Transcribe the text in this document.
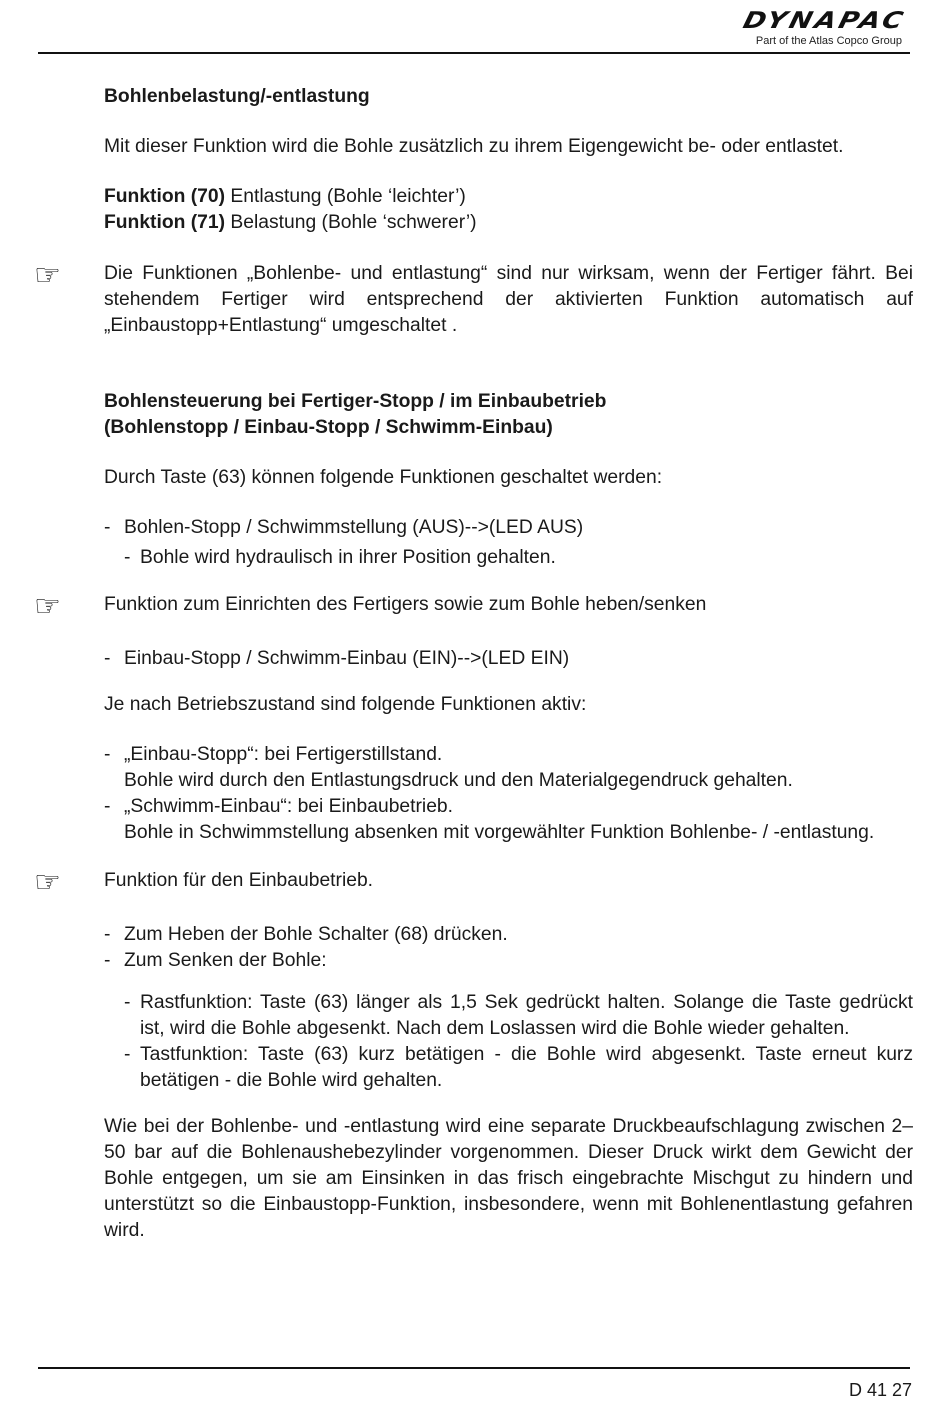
DYNAPAC
Part of the Atlas Copco Group

Bohlenbelastung/-entlastung

Mit dieser Funktion wird die Bohle zusätzlich zu ihrem Eigengewicht be- oder entlastet.

Funktion (70) Entlastung (Bohle ‘leichter’)

Funktion (71) Belastung (Bohle ‘schwerer’)

☞ Die Funktionen „Bohlenbe- und entlastung“ sind nur wirksam, wenn der Fertiger fährt. Bei stehendem Fertiger wird entsprechend der aktivierten Funktion automatisch auf „Einbaustopp+Entlastung“ umgeschaltet .

Bohlensteuerung bei Fertiger-Stopp / im Einbaubetrieb

(Bohlenstopp / Einbau-Stopp / Schwimm-Einbau)

Durch Taste (63) können folgende Funktionen geschaltet werden:

- Bohlen-Stopp / Schwimmstellung (AUS)-->(LED AUS)

- Bohle wird hydraulisch in ihrer Position gehalten.

☞ Funktion zum Einrichten des Fertigers sowie zum Bohle heben/senken

- Einbau-Stopp / Schwimm-Einbau (EIN)-->(LED EIN)

Je nach Betriebszustand sind folgende Funktionen aktiv:

- „Einbau-Stopp“: bei Fertigerstillstand.

Bohle wird durch den Entlastungsdruck und den Materialgegendruck gehalten.

- „Schwimm-Einbau“: bei Einbaubetrieb.

Bohle in Schwimmstellung absenken mit vorgewählter Funktion Bohlenbe- / -entlastung.

☞ Funktion für den Einbaubetrieb.

- Zum Heben der Bohle Schalter (68) drücken.

- Zum Senken der Bohle:

- Rastfunktion: Taste (63) länger als 1,5 Sek gedrückt halten. Solange die Taste gedrückt ist, wird die Bohle abgesenkt. Nach dem Loslassen wird die Bohle wieder gehalten.

- Tastfunktion: Taste (63) kurz betätigen - die Bohle wird abgesenkt. Taste erneut kurz betätigen - die Bohle wird gehalten.

Wie bei der Bohlenbe- und -entlastung wird eine separate Druckbeaufschlagung zwischen 2–50 bar auf die Bohlenaushebezylinder vorgenommen. Dieser Druck wirkt dem Gewicht der Bohle entgegen, um sie am Einsinken in das frisch eingebrachte Mischgut zu hindern und unterstützt so die Einbaustopp-Funktion, insbesondere, wenn mit Bohlenentlastung gefahren wird.

D 41 27
